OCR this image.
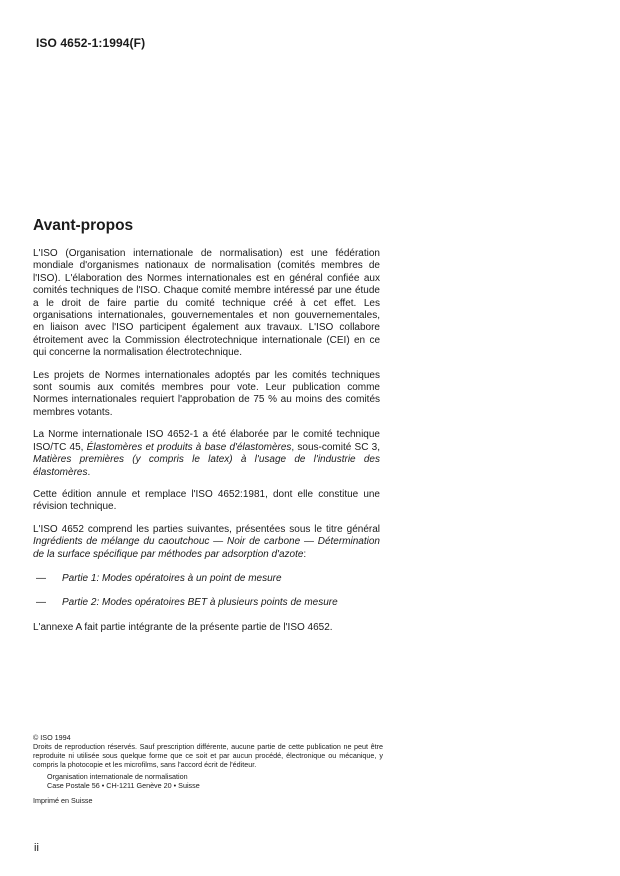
ISO 4652-1:1994(F)
Avant-propos

L'ISO (Organisation internationale de normalisation) est une fédération mondiale d'organismes nationaux de normalisation (comités membres de l'ISO). L'élaboration des Normes internationales est en général confiée aux comités techniques de l'ISO. Chaque comité membre intéressé par une étude a le droit de faire partie du comité technique créé à cet effet. Les organisations internationales, gouvernementales et non gouvernementales, en liaison avec l'ISO participent également aux travaux. L'ISO collabore étroitement avec la Commission électrotechnique internationale (CEI) en ce qui concerne la normalisation électrotechnique.

Les projets de Normes internationales adoptés par les comités techniques sont soumis aux comités membres pour vote. Leur publication comme Normes internationales requiert l'approbation de 75 % au moins des comités membres votants.

La Norme internationale ISO 4652-1 a été élaborée par le comité technique ISO/TC 45, Élastomères et produits à base d'élastomères, sous-comité SC 3, Matières premières (y compris le latex) à l'usage de l'industrie des élastomères.

Cette édition annule et remplace l'ISO 4652:1981, dont elle constitue une révision technique.

L'ISO 4652 comprend les parties suivantes, présentées sous le titre général Ingrédients de mélange du caoutchouc — Noir de carbone — Détermination de la surface spécifique par méthodes par adsorption d'azote:

—	Partie 1: Modes opératoires à un point de mesure
—	Partie 2: Modes opératoires BET à plusieurs points de mesure

L'annexe A fait partie intégrante de la présente partie de l'ISO 4652.

© ISO 1994

Droits de reproduction réservés. Sauf prescription différente, aucune partie de cette publication ne peut être reproduite ni utilisée sous quelque forme que ce soit et par aucun procédé, électronique ou mécanique, y compris la photocopie et les microfilms, sans l'accord écrit de l'éditeur.

Organisation internationale de normalisation
Case Postale 56 • CH-1211 Genève 20 • Suisse

Imprimé en Suisse

ii
